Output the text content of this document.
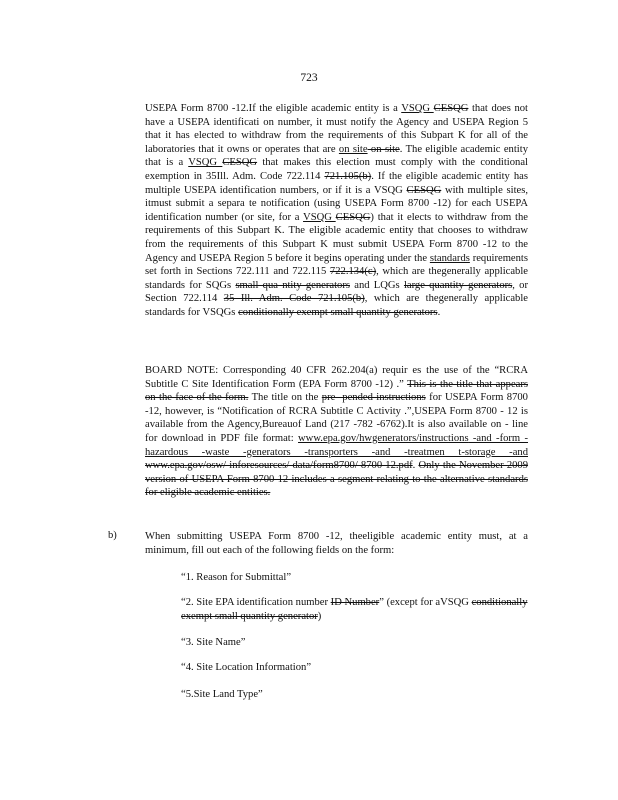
723

USEPA Form 8700 -12.If the eligible academic entity is a VSQG CESQG that does not have a USEPA identificati on number, it must notify the Agency and USEPA Region 5 that it has elected to withdraw from the requirements of this Subpart K for all of the laboratories that it owns or operates that are on site on-site. The eligible academic entity that is a VSQG CESQG that makes this election must comply with the conditional exemption in 35Ill. Adm. Code 722.114 721.105(b). If the eligible academic entity has multiple USEPA identification numbers, or if it is a VSQG CESQG with multiple sites, itmust submit a separa te notification (using USEPA Form 8700 -12) for each USEPA identification number (or site, for a VSQG CESQG) that it elects to withdraw from the requirements of this Subpart K. The eligible academic entity that chooses to withdraw from the requirements of this Subpart K must submit USEPA Form 8700 -12 to the Agency and USEPA Region 5 before it begins operating under the standards requirements set forth in Sections 722.111 and 722.115 722.134(c), which are thegenerally applicable standards for SQGs small qua ntity generators and LQGs large quantity generators, or Section 722.114 35 Ill. Adm. Code 721.105(b), which are thegenerally applicable standards for VSQGs conditionally exempt small quantity generators.

BOARD NOTE: Corresponding 40 CFR 262.204(a) requir es the use of the “RCRA Subtitle C Site Identification Form (EPA Form 8700 -12) .” This is the title that appears on the face of the form. The title on the pre- pended instructions for USEPA Form 8700 -12, however, is “Notification of RCRA Subtitle C Activity .”,USEPA Form 8700 - 12 is available from the Agency,Bureauof Land (217 -782 -6762).It is also available on - line for download in PDF file format: www.epa.gov/hwgenerators/instructions -and -form -hazardous -waste -generators -transporters -and -treatmen t-storage -and www.epa.gov/osw/ inforesources/ data/form8700/ 8700 12.pdf. Only the November 2009 version of USEPA Form 8700 12 includes a segment relating to the alternative standards for eligible academic entities.

b)	When submitting USEPA Form 8700 -12, theeligible academic entity must, at a minimum, fill out each of the following fields on the form:

“1. Reason for Submittal”
“2. Site EPA identification number ID Number” (except for aVSQG conditionally exempt small quantity generator)
“3. Site Name”
“4. Site Location Information”
“5.Site Land Type”
